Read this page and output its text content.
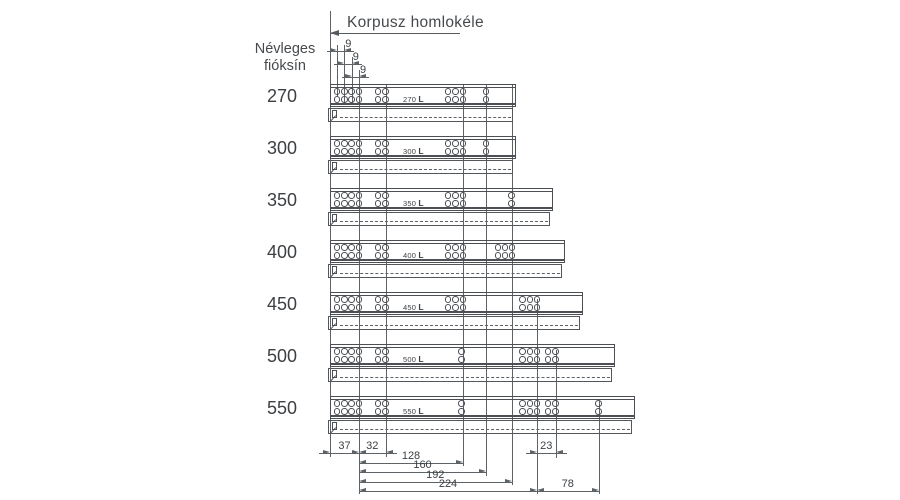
Korpusz homlokéle
Névleges
fióksín
270	270 L
300	300 L
350	350 L
400	400 L
450	450 L
500	500 L
550	550 L
9
9
9
37 32	23
128
160
192
224	78
